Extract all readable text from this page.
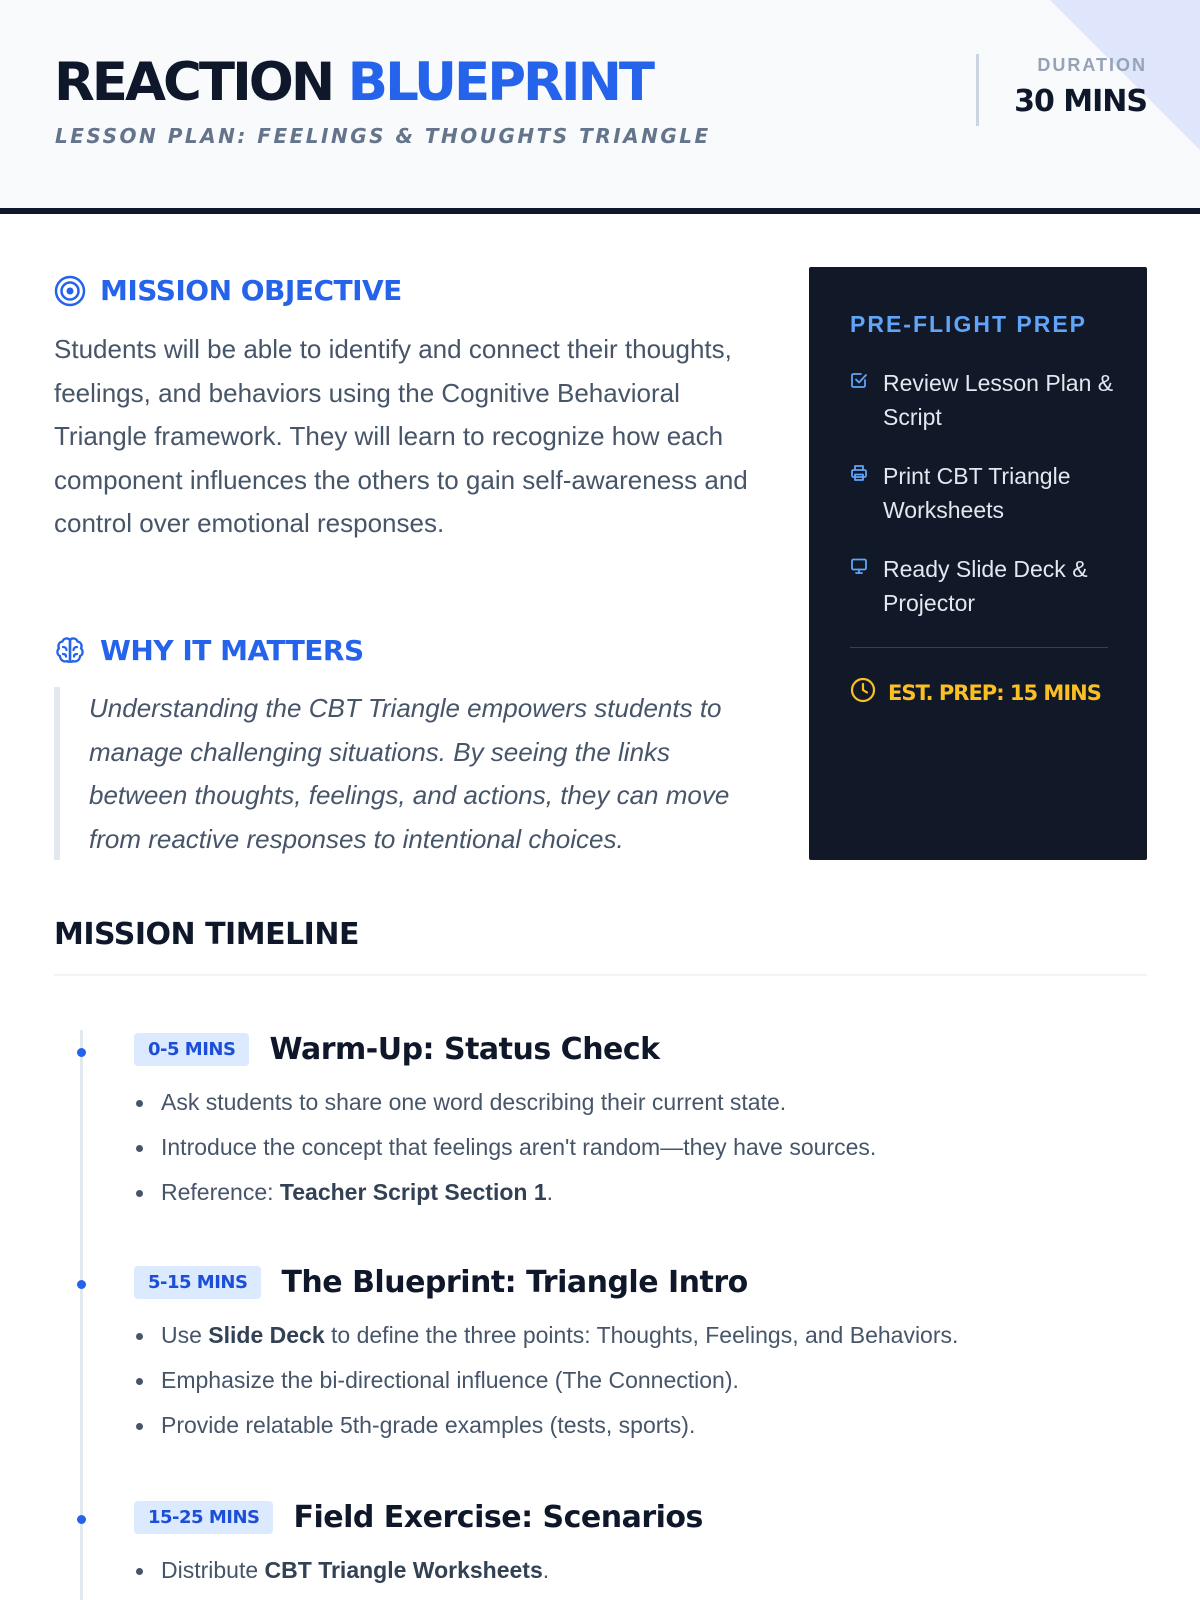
REACTION BLUEPRINT
LESSON PLAN: FEELINGS & THOUGHTS TRIANGLE
DURATION
30 MINS
MISSION OBJECTIVE

Students will be able to identify and connect their thoughts, feelings, and behaviors using the Cognitive Behavioral Triangle framework. They will learn to recognize how each component influences the others to gain self-awareness and control over emotional responses.

WHY IT MATTERS
Understanding the CBT Triangle empowers students to manage challenging situations. By seeing the links between thoughts, feelings, and actions, they can move from reactive responses to intentional choices.
PRE-FLIGHT PREP
Review Lesson Plan & Script
Print CBT Triangle Worksheets
Ready Slide Deck & Projector
EST. PREP: 15 MINS
MISSION TIMELINE
0-5 MINS	Warm-Up: Status Check
Ask students to share one word describing their current state.
Introduce the concept that feelings aren't random—they have sources.
Reference: Teacher Script Section 1.
5-15 MINS	The Blueprint: Triangle Intro
Use Slide Deck to define the three points: Thoughts, Feelings, and Behaviors.
Emphasize the bi-directional influence (The Connection).
Provide relatable 5th-grade examples (tests, sports).
15-25 MINS	Field Exercise: Scenarios
Distribute CBT Triangle Worksheets.
